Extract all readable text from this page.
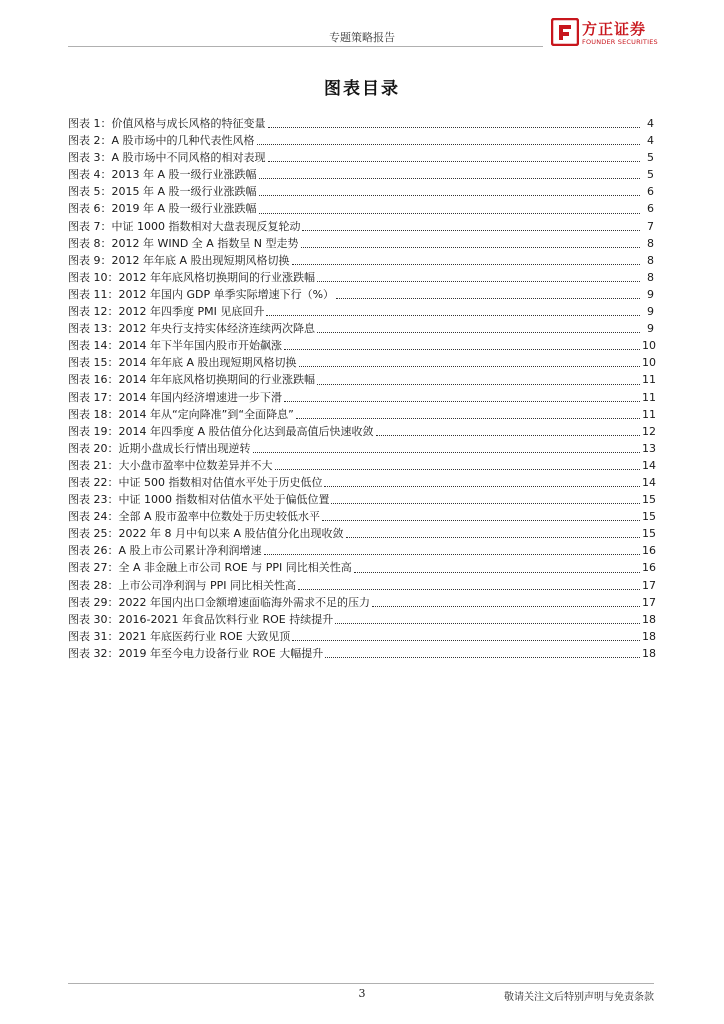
专题策略报告	方正证券
FOUNDER SECURITIES
图表目录
图表 1：价值风格与成长风格的特征变量	4
图表 2：A 股市场中的几种代表性风格	4
图表 3：A 股市场中不同风格的相对表现	5
图表 4：2013 年 A 股一级行业涨跌幅	5
图表 5：2015 年 A 股一级行业涨跌幅	6
图表 6：2019 年 A 股一级行业涨跌幅	6
图表 7：中证 1000 指数相对大盘表现反复轮动	7
图表 8：2012 年 WIND 全 A 指数呈 N 型走势	8
图表 9：2012 年年底 A 股出现短期风格切换	8
图表 10：2012 年年底风格切换期间的行业涨跌幅	8
图表 11：2012 年国内 GDP 单季实际增速下行（%）	9
图表 12：2012 年四季度 PMI 见底回升	9
图表 13：2012 年央行支持实体经济连续两次降息	9
图表 14：2014 年下半年国内股市开始飙涨	10
图表 15：2014 年年底 A 股出现短期风格切换	10
图表 16：2014 年年底风格切换期间的行业涨跌幅	11
图表 17：2014 年国内经济增速进一步下滑	11
图表 18：2014 年从“定向降准”到“全面降息”	11
图表 19：2014 年四季度 A 股估值分化达到最高值后快速收敛	12
图表 20：近期小盘成长行情出现逆转	13
图表 21：大小盘市盈率中位数差异并不大	14
图表 22：中证 500 指数相对估值水平处于历史低位	14
图表 23：中证 1000 指数相对估值水平处于偏低位置	15
图表 24：全部 A 股市盈率中位数处于历史较低水平	15
图表 25：2022 年 8 月中旬以来 A 股估值分化出现收敛	15
图表 26：A 股上市公司累计净利润增速	16
图表 27：全 A 非金融上市公司 ROE 与 PPI 同比相关性高	16
图表 28：上市公司净利润与 PPI 同比相关性高	17
图表 29：2022 年国内出口金额增速面临海外需求不足的压力	17
图表 30：2016-2021 年食品饮料行业 ROE 持续提升	18
图表 31：2021 年底医药行业 ROE 大致见顶	18
图表 32：2019 年至今电力设备行业 ROE 大幅提升	18
3	敬请关注文后特别声明与免责条款
